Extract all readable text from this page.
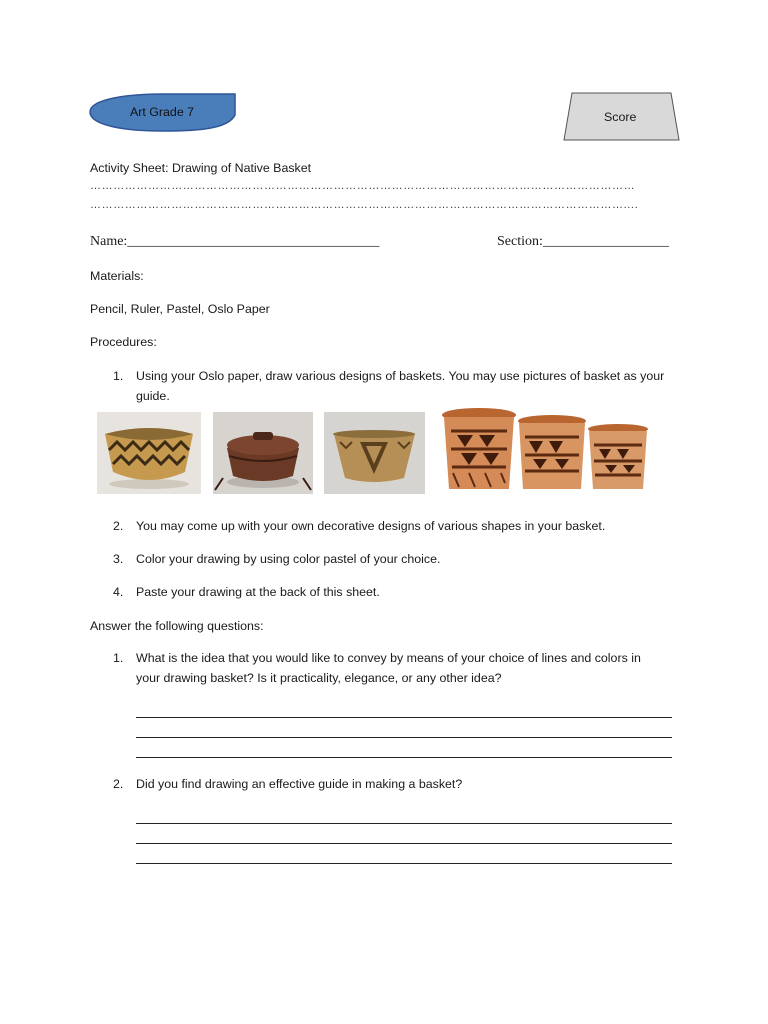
Art Grade 7	Score
Activity Sheet: Drawing of Native Basket
……………………………………………………………………………………………………………………………
…………………………………………………………………………………………………………………………....
Name:____________________________________	Section:__________________
Materials:
Pencil, Ruler, Pastel, Oslo Paper
Procedures:
1. Using your Oslo paper, draw various designs of baskets. You may use pictures of basket as your
guide.
2. You may come up with your own decorative designs of various shapes in your basket.
3. Color your drawing by using color pastel of your choice.
4. Paste your drawing at the back of this sheet.
Answer the following questions:
1. What is the idea that you would like to convey by means of your choice of lines and colors in
your drawing basket? Is it practicality, elegance, or any other idea?
2. Did you find drawing an effective guide in making a basket?
